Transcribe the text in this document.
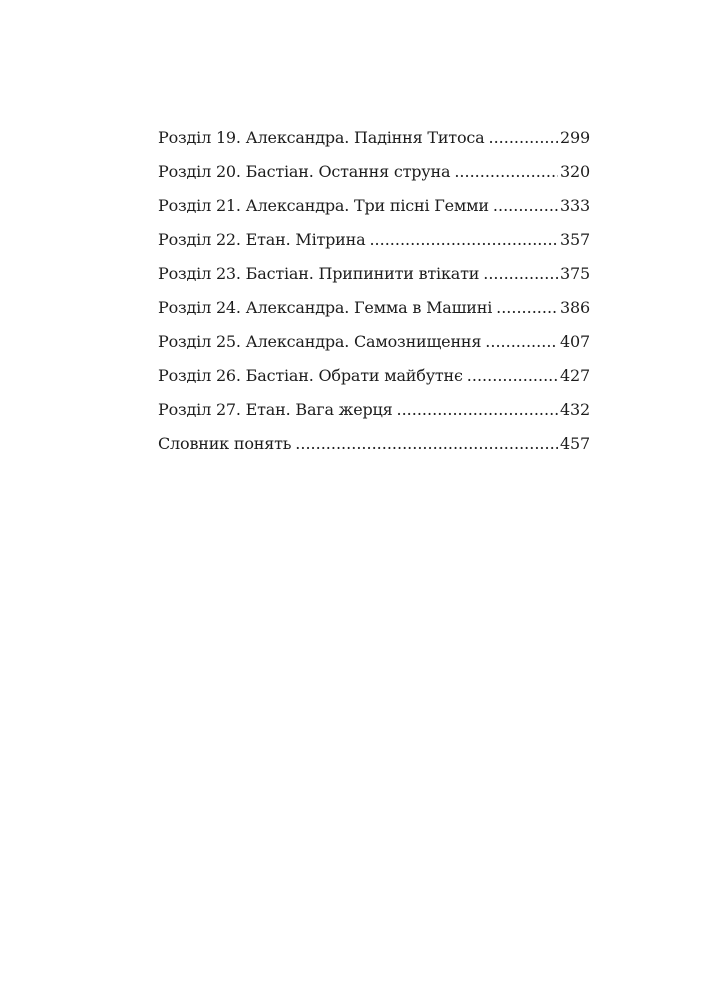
Розділ 19. Александра. Падіння Титоса .....	299
Розділ 20. Бастіан. Остання струна .....	320
Розділ 21. Александра. Три пісні Гемми .....	333
Розділ 22. Етан. Мітрина .....	357
Розділ 23. Бастіан. Припинити втікати .....	375
Розділ 24. Александра. Гемма в Машині .....	386
Розділ 25. Александра. Самознищення .....	407
Розділ 26. Бастіан. Обрати майбутнє .....	427
Розділ 27. Етан. Вага жерця .....	432
Словник понять .....	457
